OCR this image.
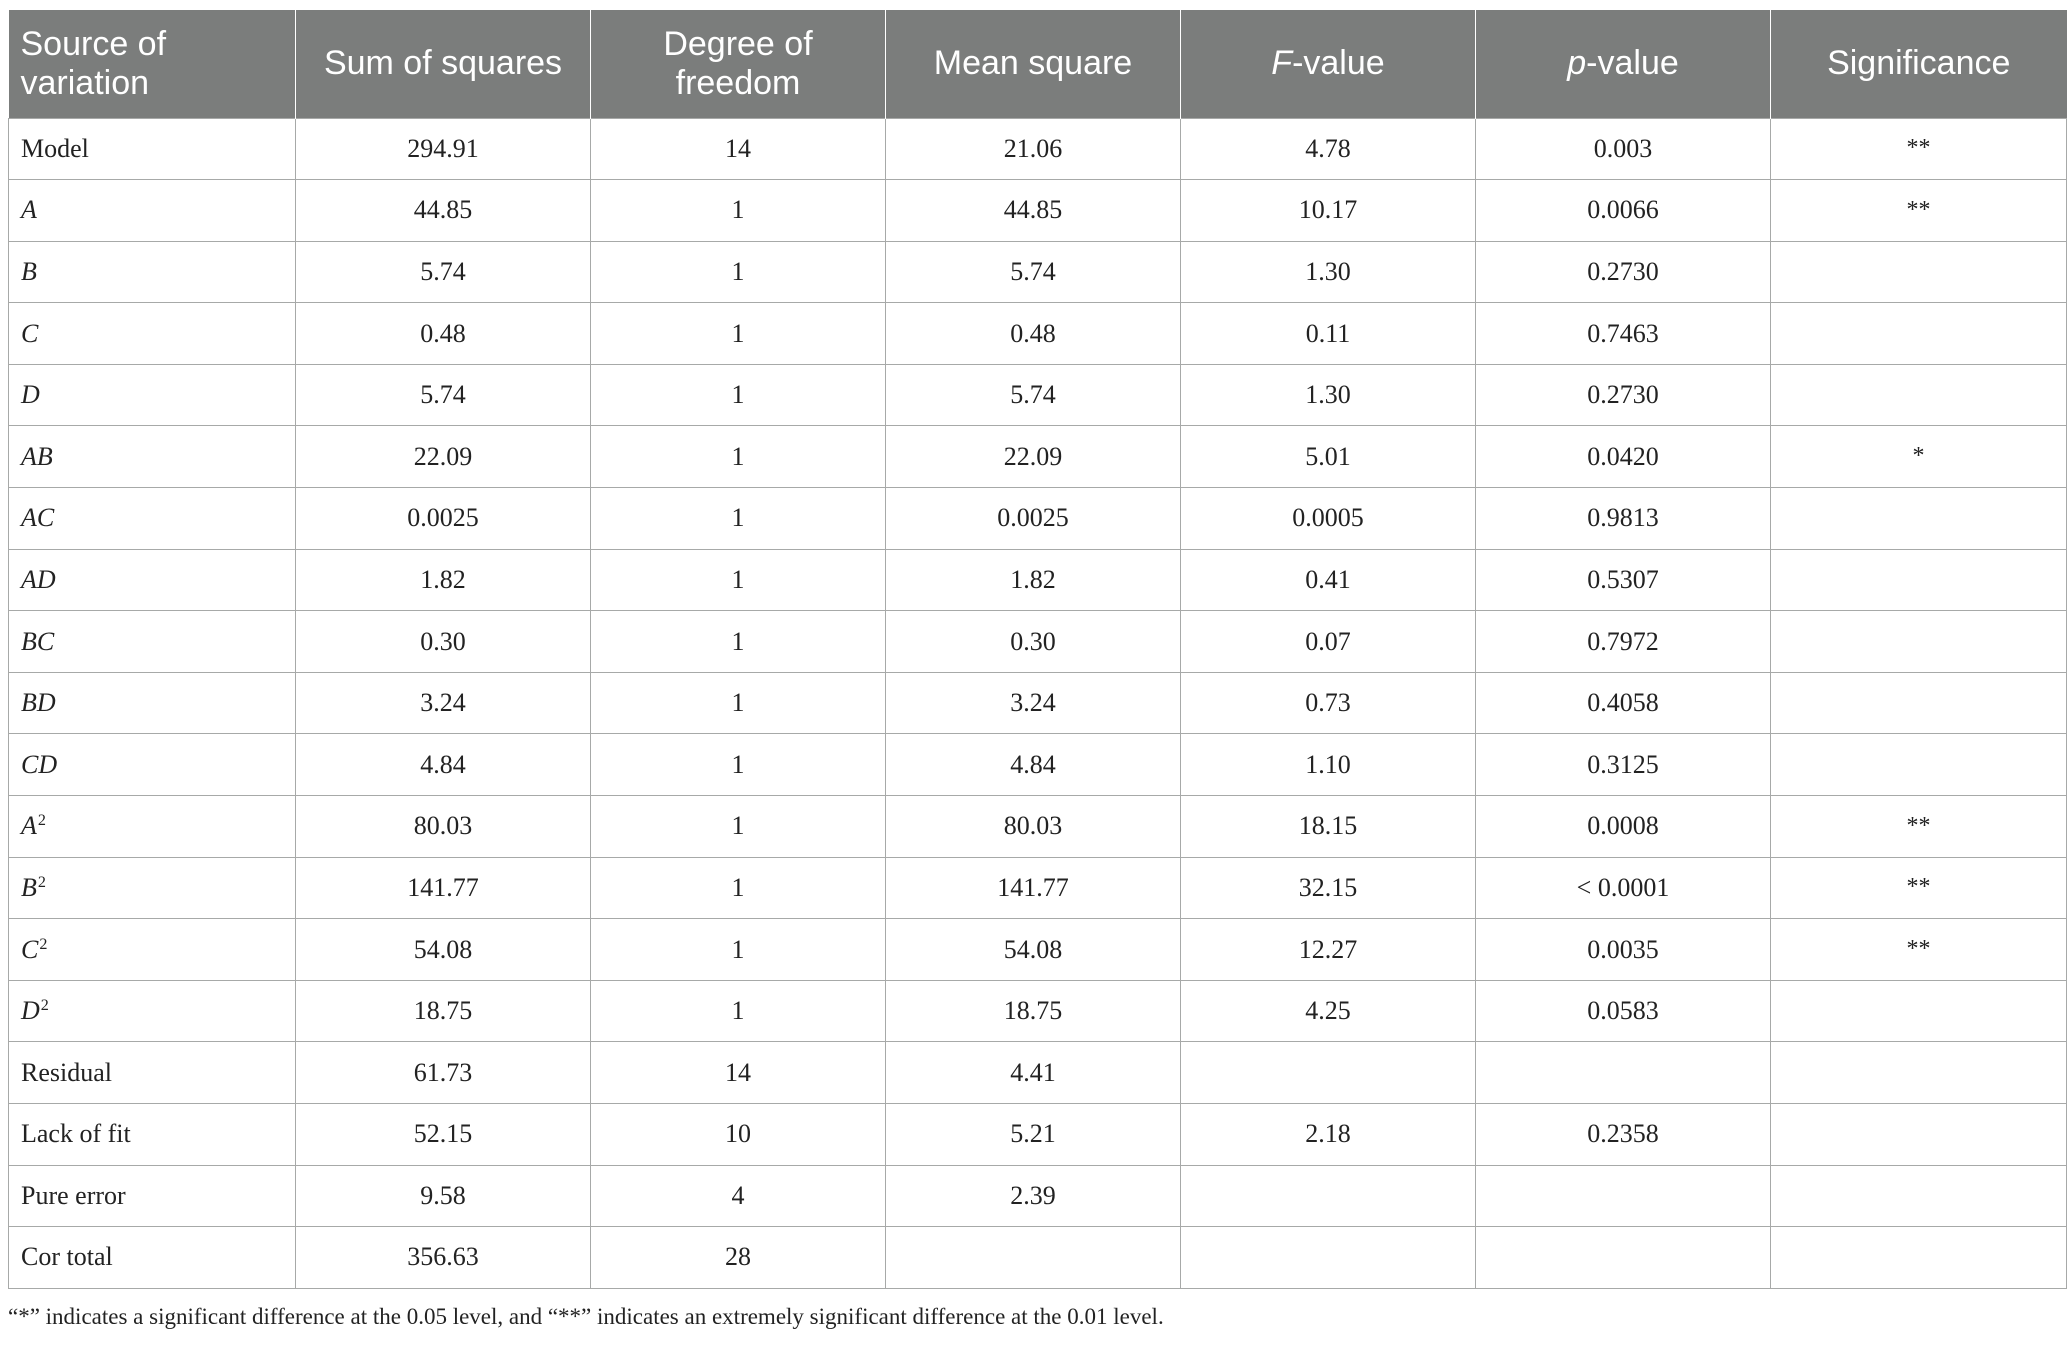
Source of variation	Sum of squares	Degree of freedom	Mean square	F-value	p-value	Significance
Model	294.91	14	21.06	4.78	0.003	**
A	44.85	1	44.85	10.17	0.0066	**
B	5.74	1	5.74	1.30	0.2730	
C	0.48	1	0.48	0.11	0.7463	
D	5.74	1	5.74	1.30	0.2730	
AB	22.09	1	22.09	5.01	0.0420	*
AC	0.0025	1	0.0025	0.0005	0.9813	
AD	1.82	1	1.82	0.41	0.5307	
BC	0.30	1	0.30	0.07	0.7972	
BD	3.24	1	3.24	0.73	0.4058	
CD	4.84	1	4.84	1.10	0.3125	
$A^2$	80.03	1	80.03	18.15	0.0008	**
$B^2$	141.77	1	141.77	32.15	< 0.0001	**
$C^2$	54.08	1	54.08	12.27	0.0035	**
$D^2$	18.75	1	18.75	4.25	0.0583	
Residual	61.73	14	4.41			
Lack of fit	52.15	10	5.21	2.18	0.2358	
Pure error	9.58	4	2.39			
Cor total	356.63	28				
“*” indicates a significant difference at the 0.05 level, and “**” indicates an extremely significant difference at the 0.01 level.
